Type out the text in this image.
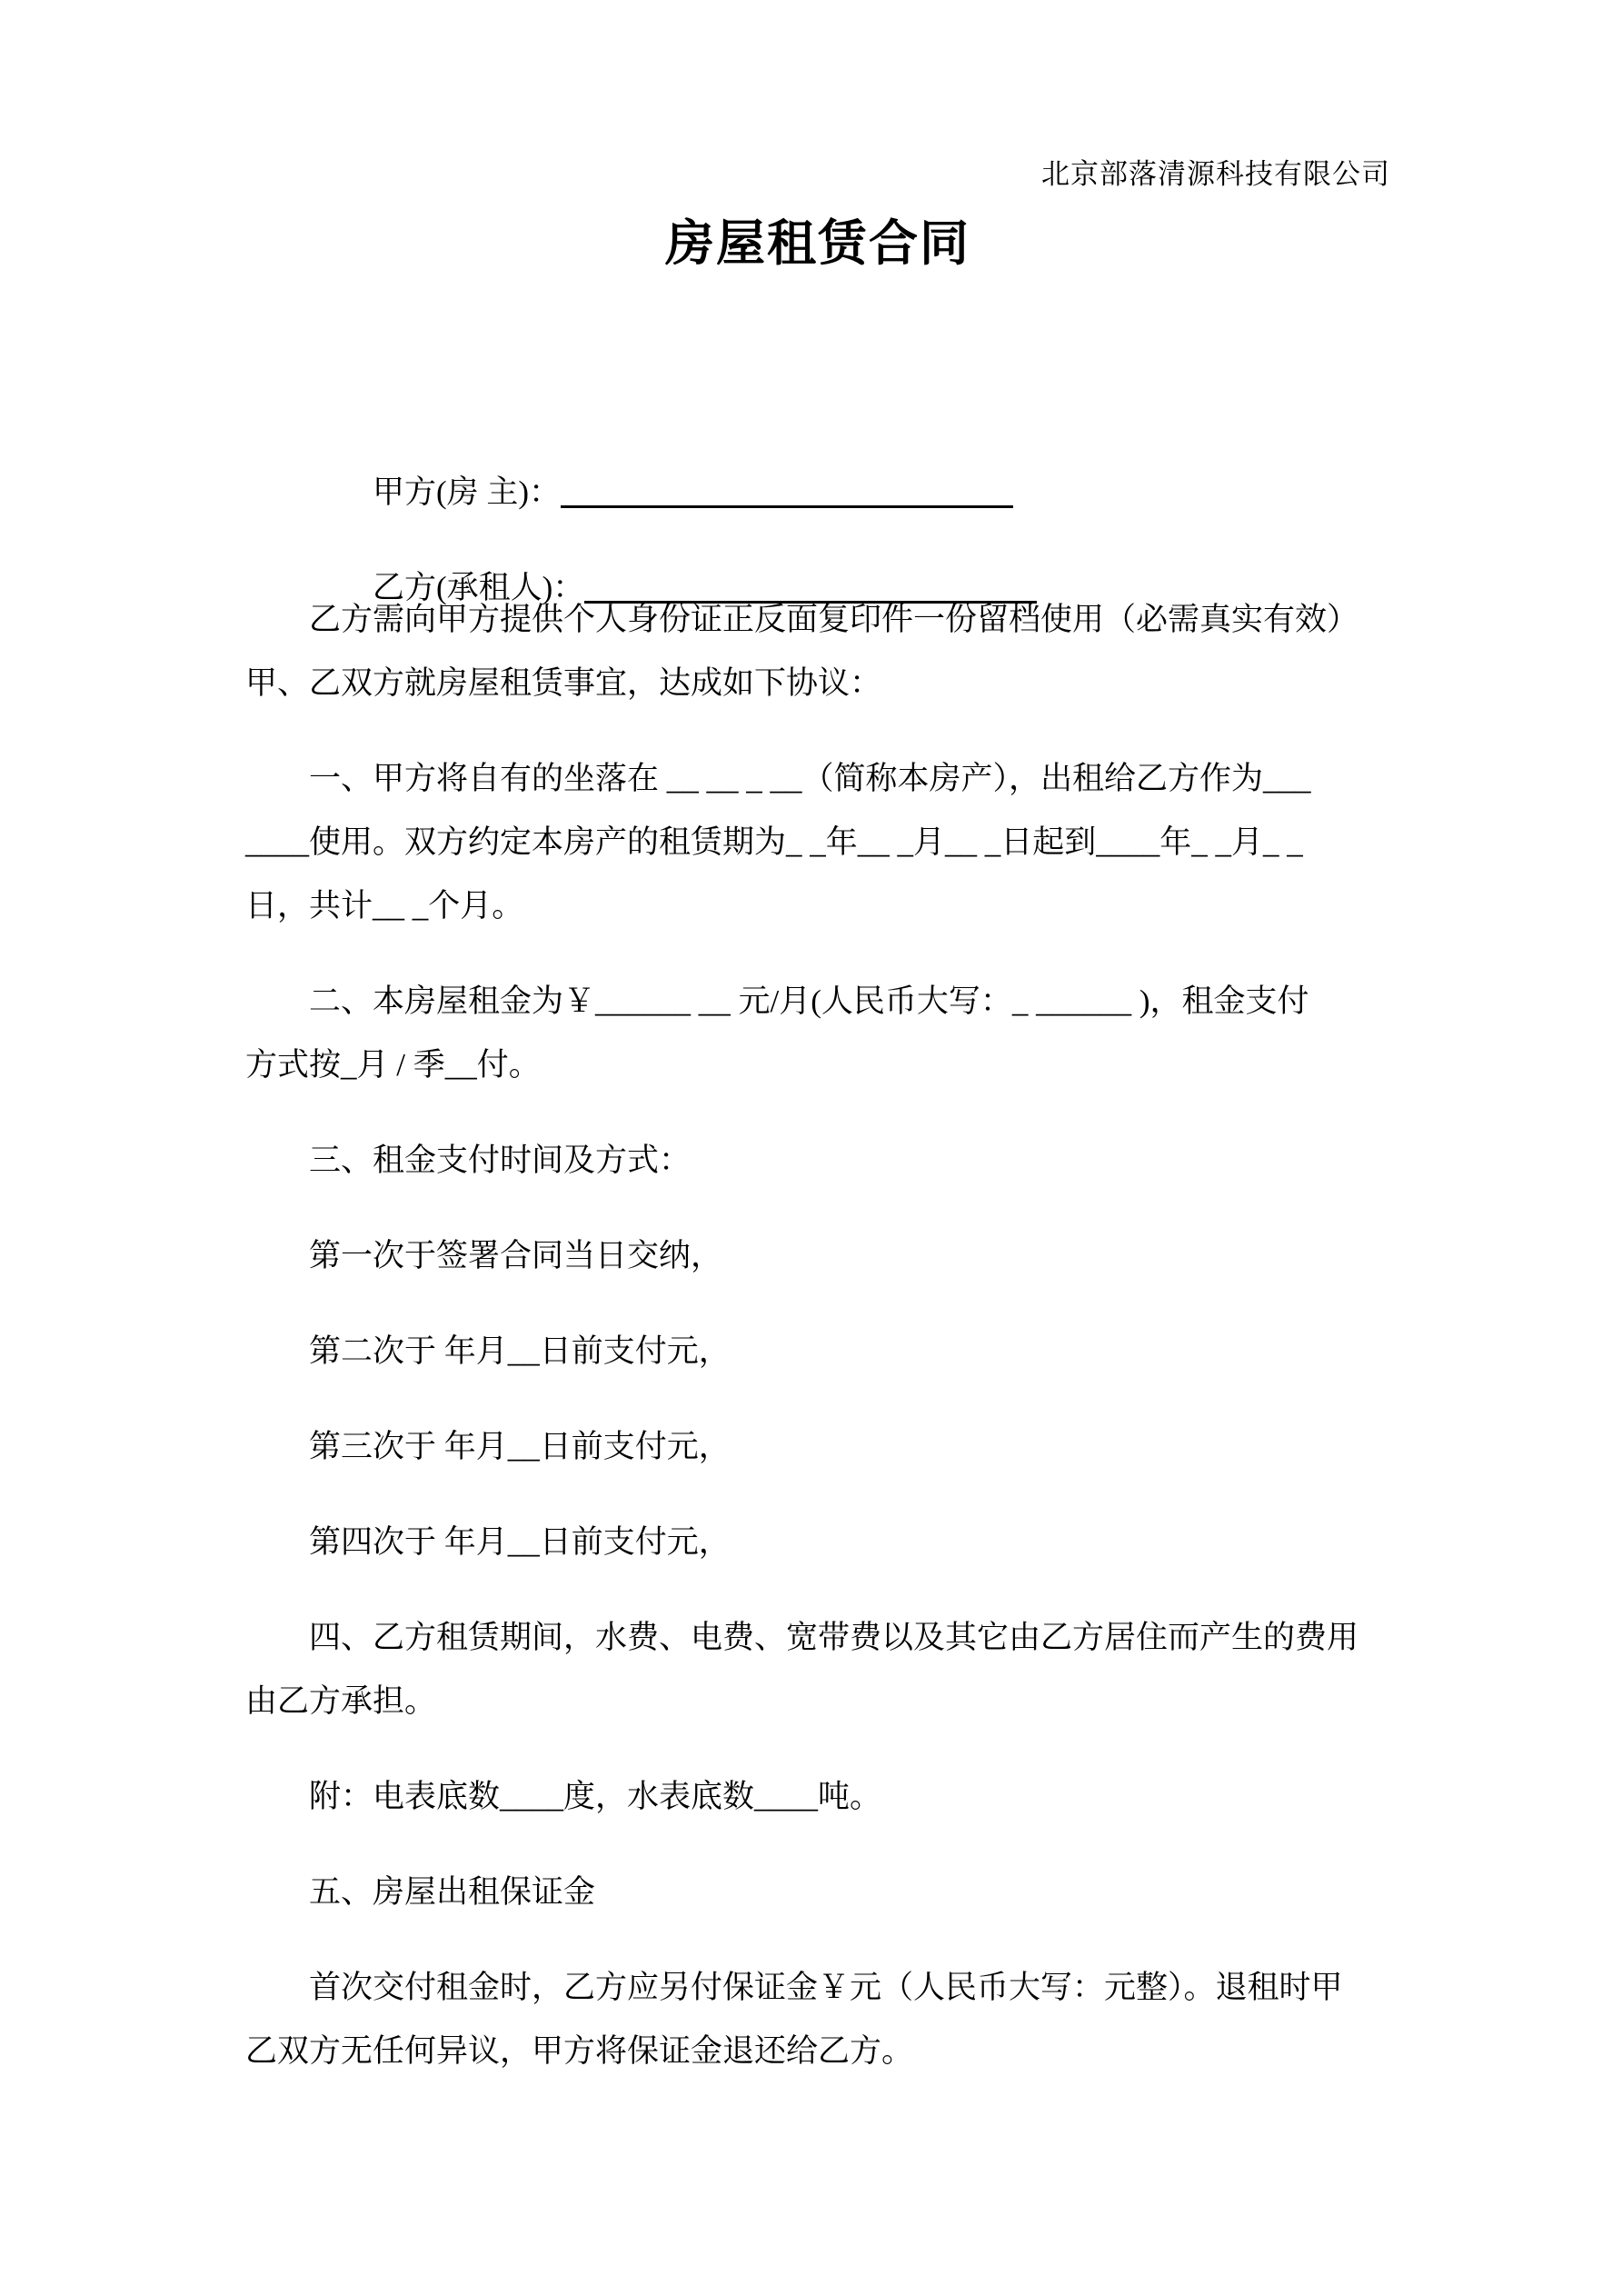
北京部落清源科技有限公司
房屋租赁合同

甲方(房 主)：

乙方(承租人)：

乙方需向甲方提供个人身份证正反面复印件一份留档使用（必需真实有效）
甲、乙双方就房屋租赁事宜，达成如下协议：
一、甲方将自有的坐落在 __ __ _ __（简称本房产），出租给乙方作为___
____使用。双方约定本房产的租赁期为_ _年__ _月__ _日起到____年_ _月_ _
日，共计__ _个月。
二、本房屋租金为￥______ __ 元/月(人民币大写：_ ______ )，租金支付
方式按_月 / 季__付。
三、租金支付时间及方式：
第一次于签署合同当日交纳，
第二次于 年月__日前支付元，
第三次于 年月__日前支付元，
第四次于 年月__日前支付元，
四、乙方租赁期间，水费、电费、宽带费以及其它由乙方居住而产生的费用
由乙方承担。
附：电表底数____度，水表底数____吨。
五、房屋出租保证金
首次交付租金时，乙方应另付保证金￥元（人民币大写：元整）。退租时甲
乙双方无任何异议，甲方将保证金退还给乙方。
